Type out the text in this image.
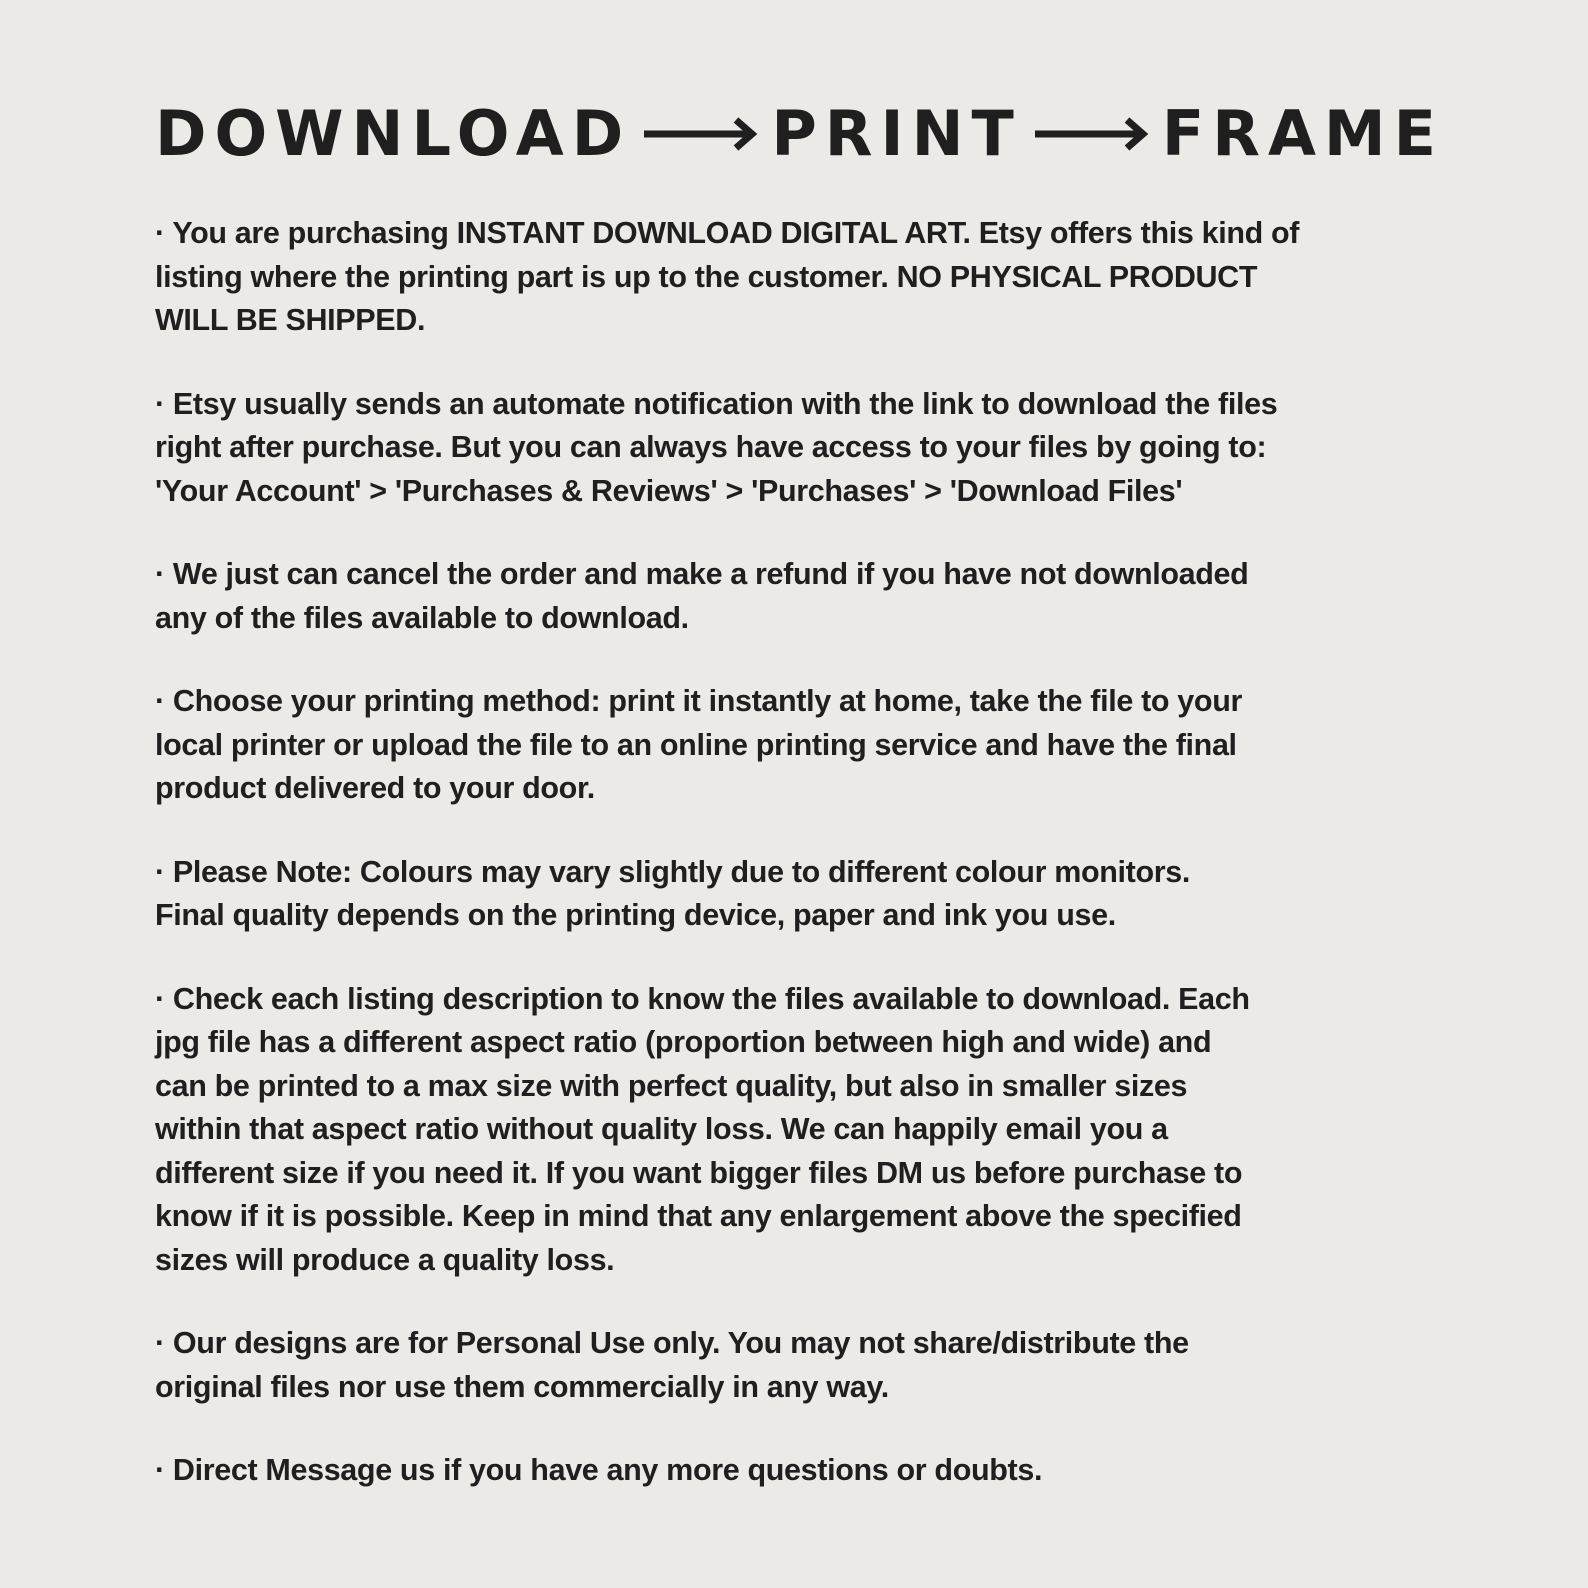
DOWNLOAD PRINT FRAME
· You are purchasing INSTANT DOWNLOAD DIGITAL ART. Etsy offers this kind of
listing where the printing part is up to the customer. NO PHYSICAL PRODUCT
WILL BE SHIPPED.
· Etsy usually sends an automate notification with the link to download the files
right after purchase. But you can always have access to your files by going to:
'Your Account' > 'Purchases & Reviews' > 'Purchases' > 'Download Files'
· We just can cancel the order and make a refund if you have not downloaded
any of the files available to download.
· Choose your printing method: print it instantly at home, take the file to your
local printer or upload the file to an online printing service and have the final
product delivered to your door.
· Please Note: Colours may vary slightly due to different colour monitors.
Final quality depends on the printing device, paper and ink you use.
· Check each listing description to know the files available to download. Each
jpg file has a different aspect ratio (proportion between high and wide) and
can be printed to a max size with perfect quality, but also in smaller sizes
within that aspect ratio without quality loss. We can happily email you a
different size if you need it. If you want bigger files DM us before purchase to
know if it is possible. Keep in mind that any enlargement above the specified
sizes will produce a quality loss.
· Our designs are for Personal Use only. You may not share/distribute the
original files nor use them commercially in any way.
· Direct Message us if you have any more questions or doubts.
